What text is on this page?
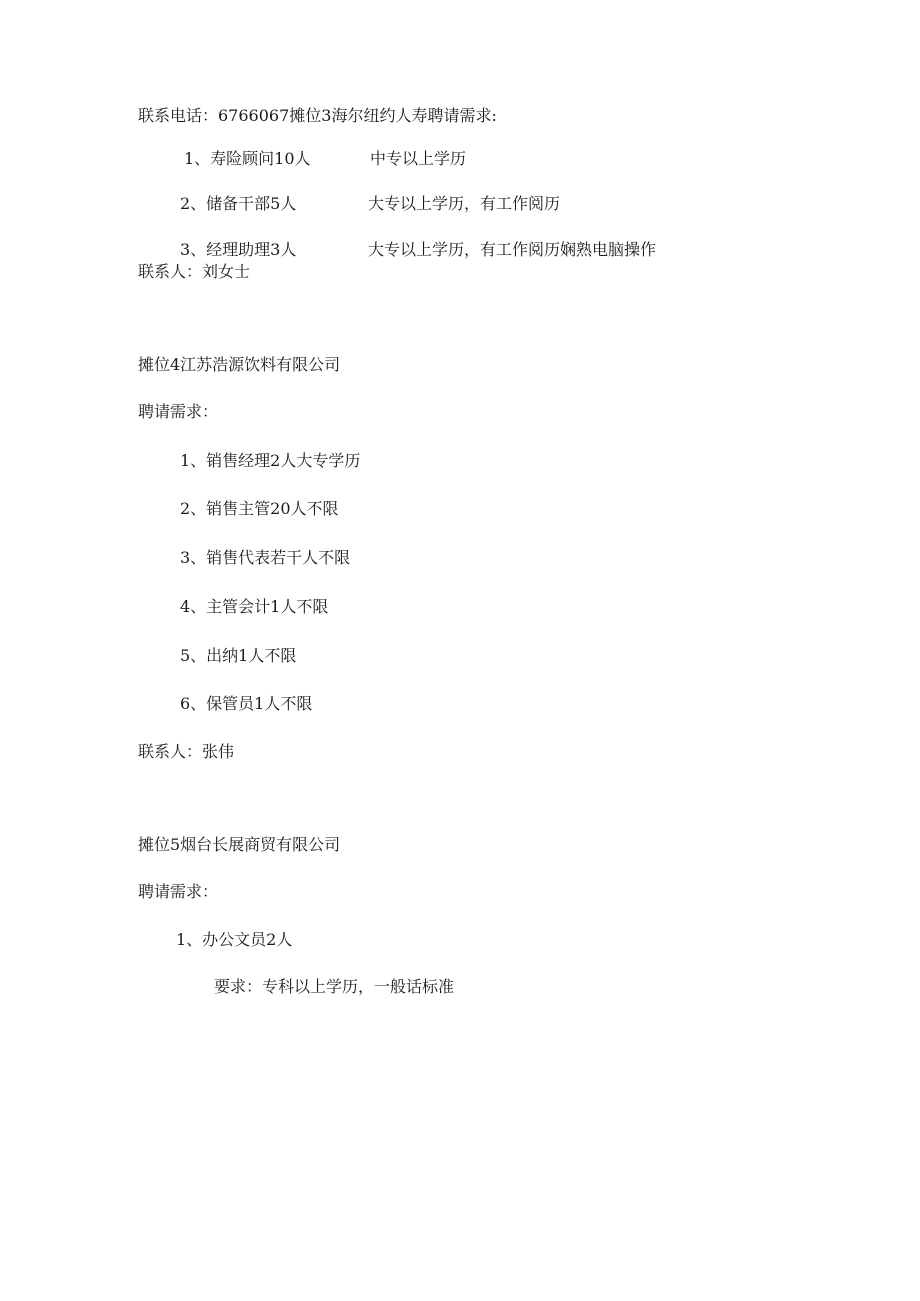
联系电话：6766067摊位3海尔纽约人寿聘请需求:
1、寿险顾问10人	中专以上学历
2、储备干部5人	大专以上学历，有工作阅历
3、经理助理3人	大专以上学历，有工作阅历娴熟电脑操作
联系人：刘女士
摊位4江苏浩源饮料有限公司
聘请需求：
1、销售经理2人大专学历
2、销售主管20人不限
3、销售代表若干人不限
4、主管会计1人不限
5、出纳1人不限
6、保管员1人不限
联系人：张伟
摊位5烟台长展商贸有限公司
聘请需求：
1、办公文员2人
要求：专科以上学历，一般话标准
